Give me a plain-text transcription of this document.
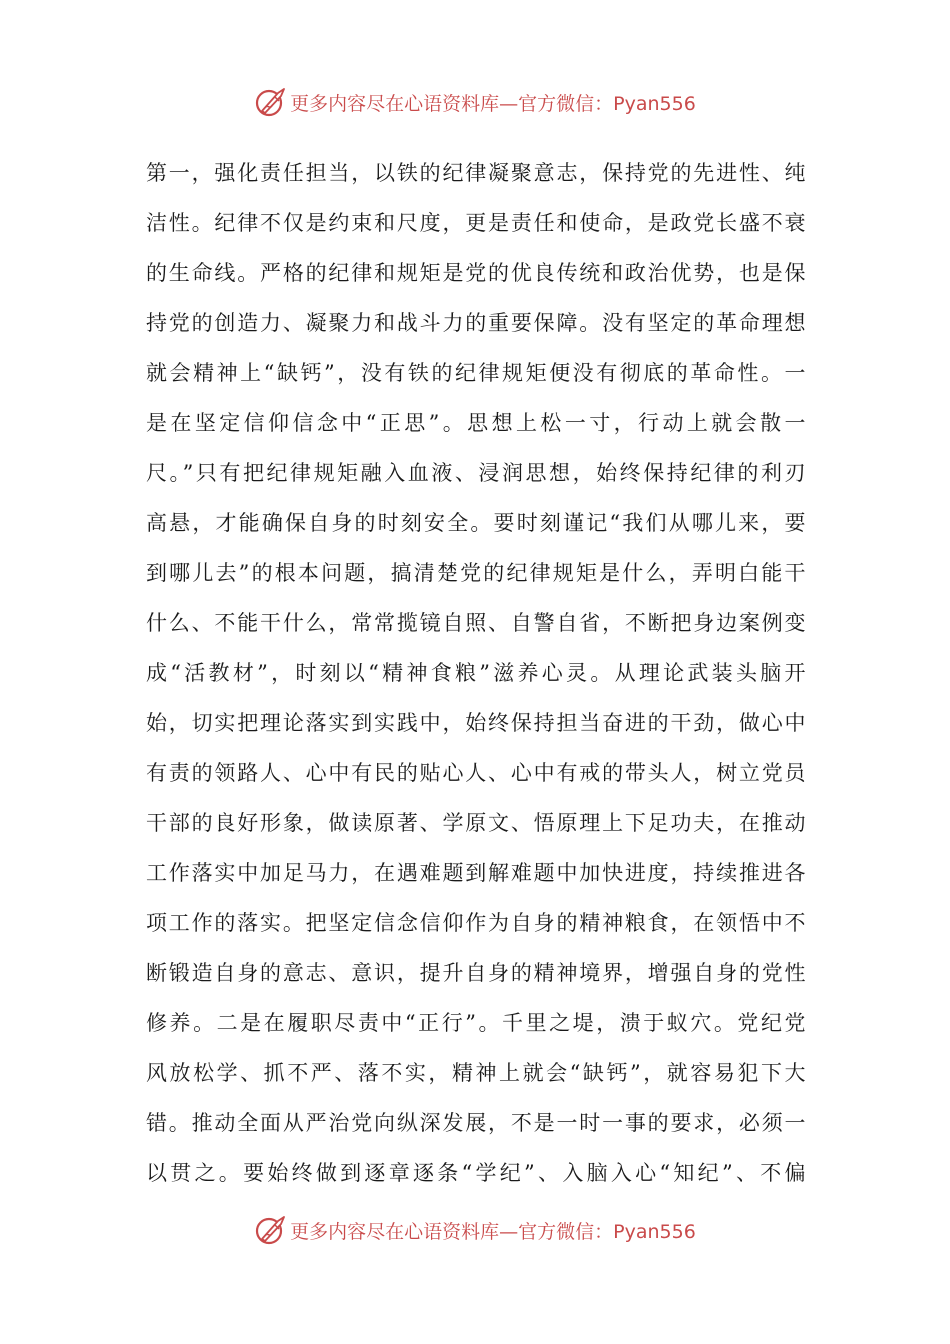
更多内容尽在心语资料库—官方微信：Pyan556
第一，强化责任担当，以铁的纪律凝聚意志，保持党的先进性、纯
洁性。纪律不仅是约束和尺度，更是责任和使命，是政党长盛不衰
的生命线。严格的纪律和规矩是党的优良传统和政治优势，也是保
持党的创造力、凝聚力和战斗力的重要保障。没有坚定的革命理想
就会精神上“缺钙”，没有铁的纪律规矩便没有彻底的革命性。一
是在坚定信仰信念中“正思”。思想上松一寸，行动上就会散一
尺。”只有把纪律规矩融入血液、浸润思想，始终保持纪律的利刃
高悬，才能确保自身的时刻安全。要时刻谨记“我们从哪儿来，要
到哪儿去”的根本问题，搞清楚党的纪律规矩是什么，弄明白能干
什么、不能干什么，常常揽镜自照、自警自省，不断把身边案例变
成“活教材”，时刻以“精神食粮”滋养心灵。从理论武装头脑开
始，切实把理论落实到实践中，始终保持担当奋进的干劲，做心中
有责的领路人、心中有民的贴心人、心中有戒的带头人，树立党员
干部的良好形象，做读原著、学原文、悟原理上下足功夫，在推动
工作落实中加足马力，在遇难题到解难题中加快进度，持续推进各
项工作的落实。把坚定信念信仰作为自身的精神粮食，在领悟中不
断锻造自身的意志、意识，提升自身的精神境界，增强自身的党性
修养。二是在履职尽责中“正行”。千里之堤，溃于蚁穴。党纪党
风放松学、抓不严、落不实，精神上就会“缺钙”，就容易犯下大
错。推动全面从严治党向纵深发展，不是一时一事的要求，必须一
以贯之。要始终做到逐章逐条“学纪”、入脑入心“知纪”、不偏
更多内容尽在心语资料库—官方微信：Pyan556
